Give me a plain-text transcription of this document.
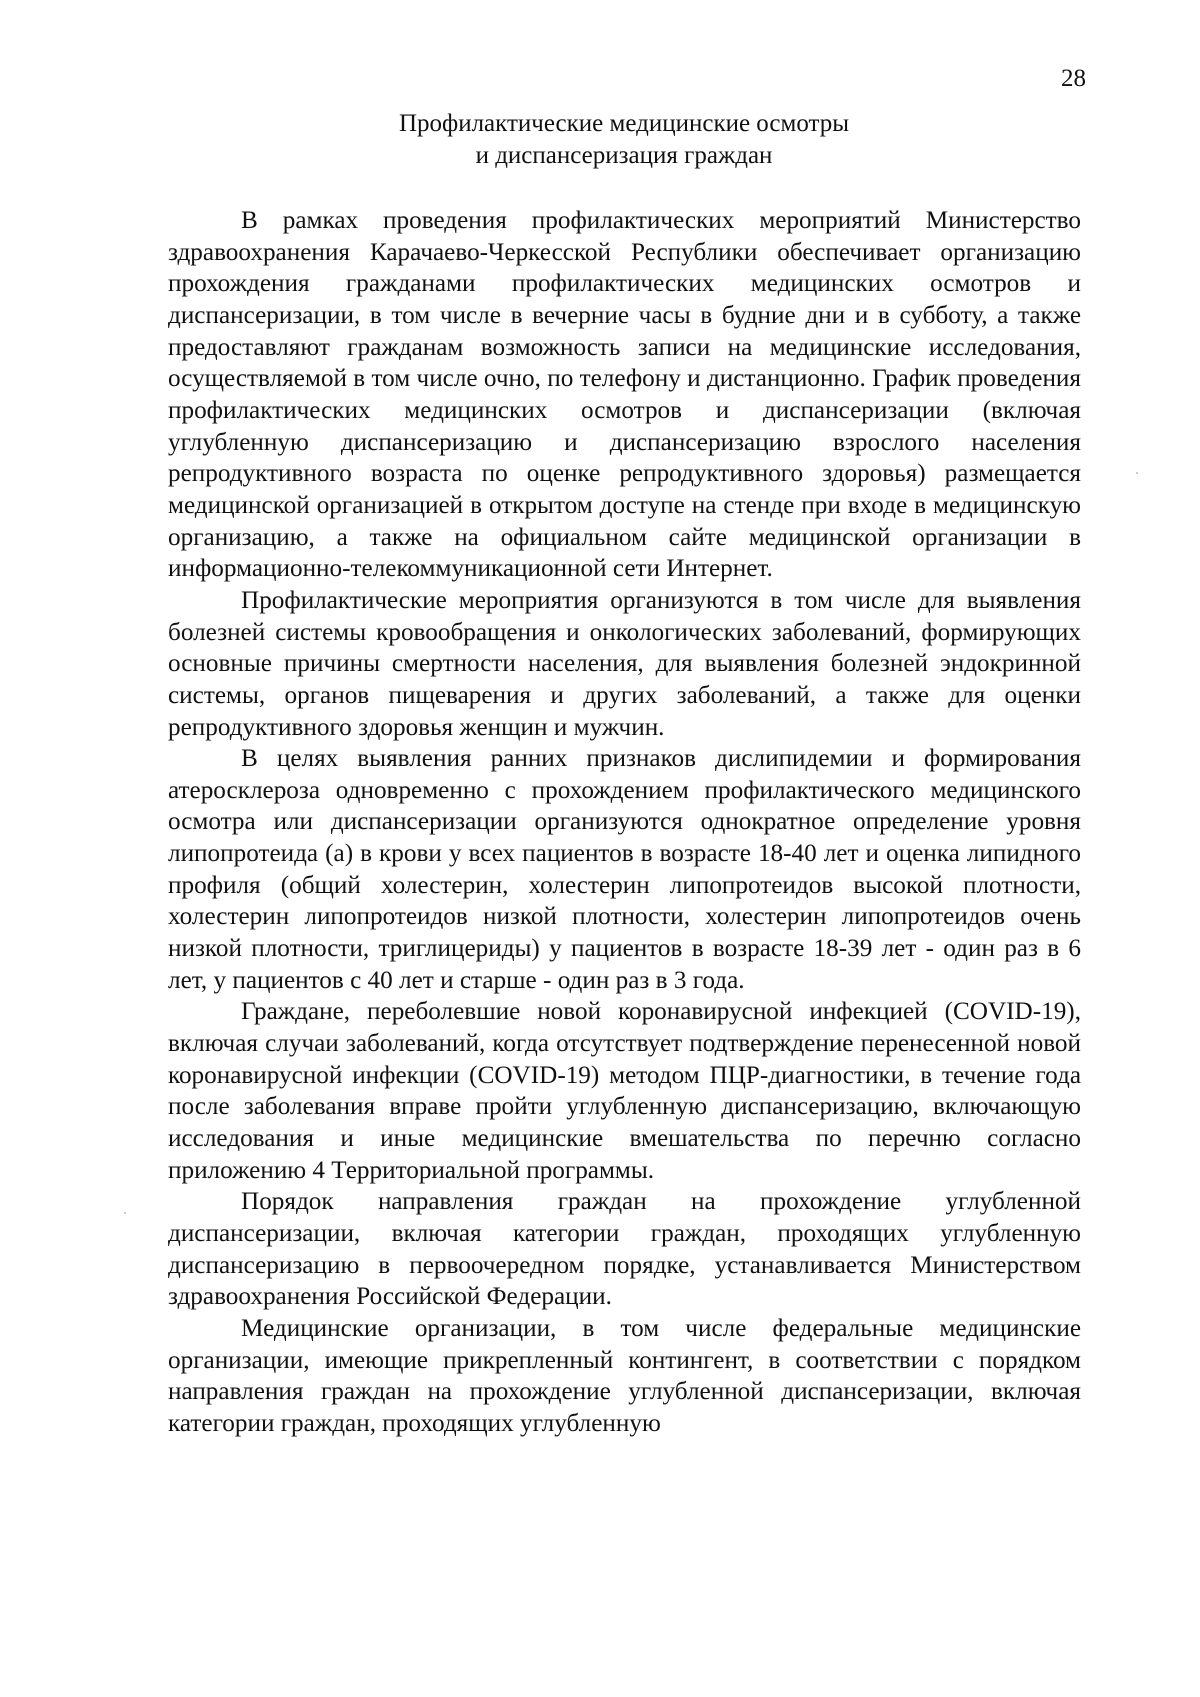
28
Профилактические медицинские осмотры
и диспансеризация граждан

В рамках проведения профилактических мероприятий Министерство здравоохранения Карачаево-Черкесской Республики обеспечивает организацию прохождения гражданами профилактических медицинских осмотров и диспансеризации, в том числе в вечерние часы в будние дни и в субботу, а также предоставляют гражданам возможность записи на медицинские исследования, осуществляемой в том числе очно, по телефону и дистанционно. График проведения профилактических медицинских осмотров и диспансеризации (включая углубленную диспансеризацию и диспансеризацию взрослого населения репродуктивного возраста по оценке репродуктивного здоровья) размещается медицинской организацией в открытом доступе на стенде при входе в медицинскую организацию, а также на официальном сайте медицинской организации в информационно-телекоммуникационной сети Интернет.

Профилактические мероприятия организуются в том числе для выявления болезней системы кровообращения и онкологических заболеваний, формирующих основные причины смертности населения, для выявления болезней эндокринной системы, органов пищеварения и других заболеваний, а также для оценки репродуктивного здоровья женщин и мужчин.

В целях выявления ранних признаков дислипидемии и формирования атеросклероза одновременно с прохождением профилактического медицинского осмотра или диспансеризации организуются однократное определение уровня липопротеида (а) в крови у всех пациентов в возрасте 18-40 лет и оценка липидного профиля (общий холестерин, холестерин липопротеидов высокой плотности, холестерин липопротеидов низкой плотности, холестерин липопротеидов очень низкой плотности, триглицериды) у пациентов в возрасте 18-39 лет - один раз в 6 лет, у пациентов с 40 лет и старше - один раз в 3 года.

Граждане, переболевшие новой коронавирусной инфекцией (COVID-19), включая случаи заболеваний, когда отсутствует подтверждение перенесенной новой коронавирусной инфекции (COVID-19) методом ПЦР-диагностики, в течение года после заболевания вправе пройти углубленную диспансеризацию, включающую исследования и иные медицинские вмешательства по перечню согласно приложению 4 Территориальной программы.

Порядок направления граждан на прохождение углубленной диспансеризации, включая категории граждан, проходящих углубленную диспансеризацию в первоочередном порядке, устанавливается Министерством здравоохранения Российской Федерации.

Медицинские организации, в том числе федеральные медицинские организации, имеющие прикрепленный контингент, в соответствии с порядком направления граждан на прохождение углубленной диспансеризации, включая категории граждан, проходящих углубленную
